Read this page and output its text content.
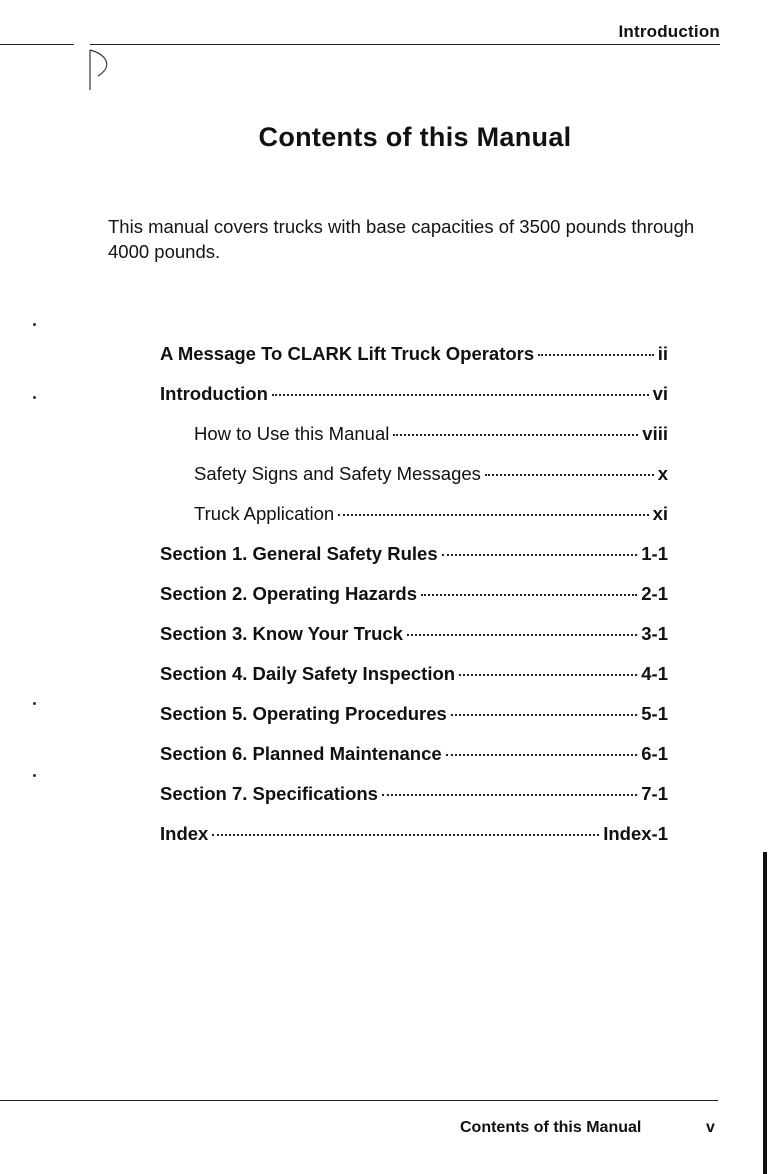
Introduction
Contents of this Manual
This manual covers trucks with base capacities of 3500 pounds through 4000 pounds.
A Message To CLARK Lift Truck Operators	ii
Introduction	vi
How to Use this Manual	viii
Safety Signs and Safety Messages	x
Truck Application	xi
Section 1. General Safety Rules	1-1
Section 2. Operating Hazards	2-1
Section 3. Know Your Truck	3-1
Section 4. Daily Safety Inspection	4-1
Section 5. Operating Procedures	5-1
Section 6. Planned Maintenance	6-1
Section 7. Specifications	7-1
Index	Index-1
Contents of this Manual	v
